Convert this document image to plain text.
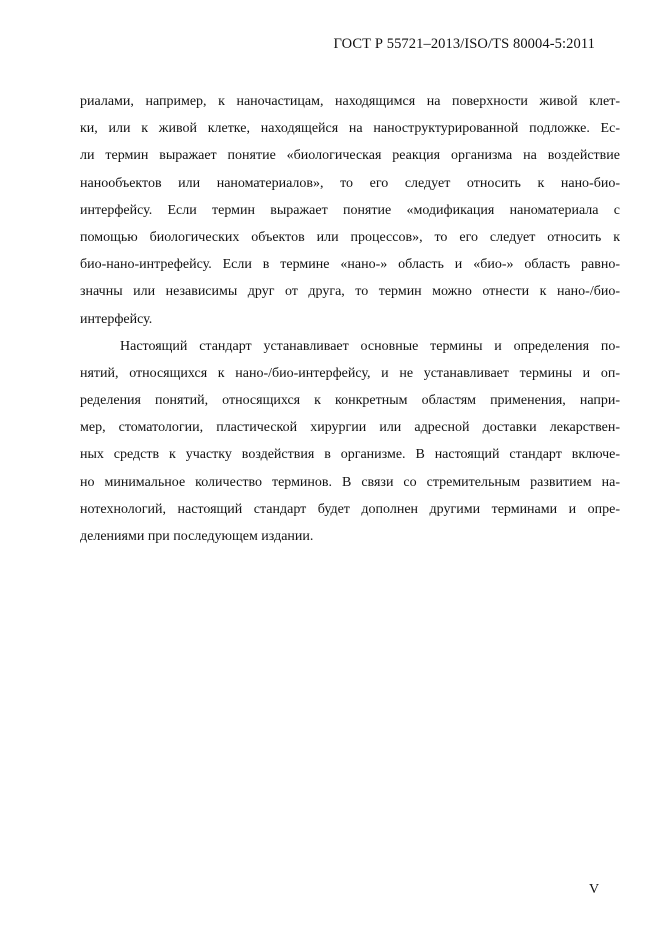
ГОСТ Р 55721–2013/ISO/TS 80004-5:2011
риалами, например, к наночастицам, находящимся на поверхности живой клет-
ки, или к живой клетке, находящейся на наноструктурированной подложке. Ес-
ли термин выражает понятие «биологическая реакция организма на воздействие
нанообъектов или наноматериалов», то его следует относить к нано-био-
интерфейсу. Если термин выражает понятие «модификация наноматериала с
помощью биологических объектов или процессов», то его следует относить к
био-нано-интрефейсу. Если в термине «нано-» область и «био-» область равно-
значны или независимы друг от друга, то термин можно отнести к нано-/био-
интерфейсу.
Настоящий стандарт устанавливает основные термины и определения по-
нятий, относящихся к нано-/био-интерфейсу, и не устанавливает термины и оп-
ределения понятий, относящихся к конкретным областям применения, напри-
мер, стоматологии, пластической хирургии или адресной доставки лекарствен-
ных средств к участку воздействия в организме. В настоящий стандарт включе-
но минимальное количество терминов. В связи со стремительным развитием на-
нотехнологий, настоящий стандарт будет дополнен другими терминами и опре-
делениями при последующем издании.
V
